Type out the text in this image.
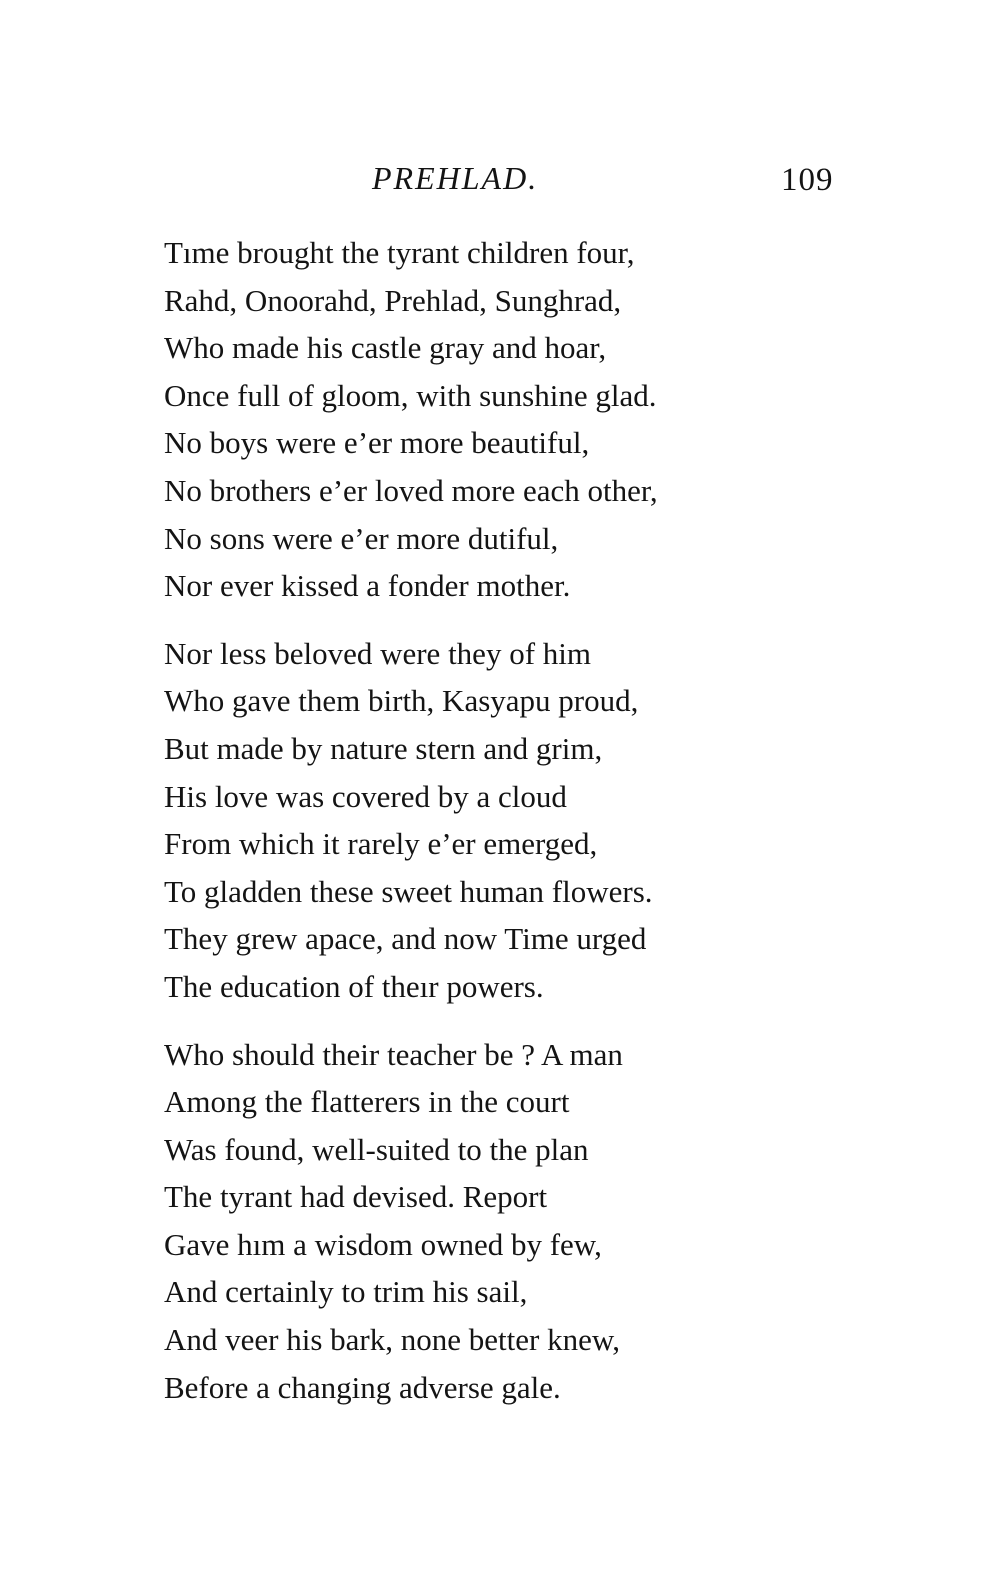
PREHLAD.	109
Tıme brought the tyrant children four,
Rahd, Onoorahd, Prehlad, Sunghrad,
Who made his castle gray and hoar,
Once full of gloom, with sunshine glad.
No boys were e’er more beautiful,
No brothers e’er loved more each other,
No sons were e’er more dutiful,
Nor ever kissed a fonder mother.
Nor less beloved were they of him
Who gave them birth, Kasyapu proud,
But made by nature stern and grim,
His love was covered by a cloud
From which it rarely e’er emerged,
To gladden these sweet human flowers.
They grew apace, and now Time urged
The education of theır powers.
Who should their teacher be ? A man
Among the flatterers in the court
Was found, well-suited to the plan
The tyrant had devised. Report
Gave hım a wisdom owned by few,
And certainly to trim his sail,
And veer his bark, none better knew,
Before a changing adverse gale.
